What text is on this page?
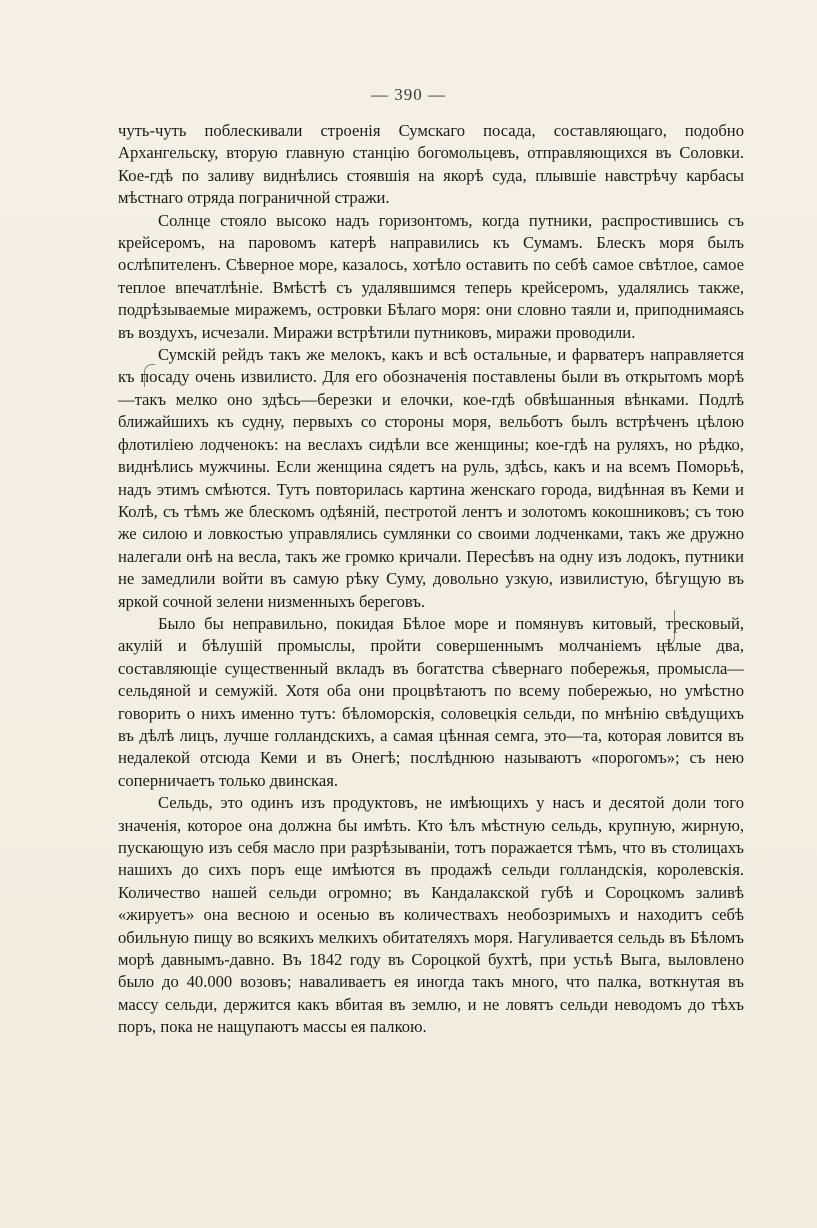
— 390 —

чуть-чуть поблескивали строенія Сумскаго посада, составляющаго, подобно Архангельску, вторую главную станцію богомольцевъ, отправляющихся въ Соловки. Кое-гдѣ по заливу виднѣлись стоявшія на якорѣ суда, плывшіе навстрѣчу карбасы мѣстнаго отряда пограничной стражи.

Солнце стояло высоко надъ горизонтомъ, когда путники, распростившись съ крейсеромъ, на паровомъ катерѣ направились къ Сумамъ. Блескъ моря былъ ослѣпителенъ. Сѣверное море, казалось, хотѣло оставить по себѣ самое свѣтлое, самое теплое впечатлѣніе. Вмѣстѣ съ удалявшимся теперь крейсеромъ, удалялись также, подрѣзываемые миражемъ, островки Бѣлаго моря: они словно таяли и, приподнимаясь въ воздухъ, исчезали. Миражи встрѣтили путниковъ, миражи проводили.

Сумскій рейдъ такъ же мелокъ, какъ и всѣ остальные, и фарватеръ направляется къ посаду очень извилисто. Для его обозначенія поставлены были въ открытомъ морѣ—такъ мелко оно здѣсь—березки и елочки, кое-гдѣ обвѣшанныя вѣнками. Подлѣ ближайшихъ къ судну, первыхъ со стороны моря, вельботъ былъ встрѣченъ цѣлою флотиліею лодченокъ: на веслахъ сидѣли все женщины; кое-гдѣ на руляхъ, но рѣдко, виднѣлись мужчины. Если женщина сядетъ на руль, здѣсь, какъ и на всемъ Поморьѣ, надъ этимъ смѣются. Тутъ повторилась картина женскаго города, видѣнная въ Кеми и Колѣ, съ тѣмъ же блескомъ одѣяній, пестротой лентъ и золотомъ кокошниковъ; съ тою же силою и ловкостью управлялись сумлянки со своими лодченками, такъ же дружно налегали онѣ на весла, такъ же громко кричали. Пересѣвъ на одну изъ лодокъ, путники не замедлили войти въ самую рѣку Суму, довольно узкую, извилистую, бѣгущую въ яркой сочной зелени низменныхъ береговъ.

Было бы неправильно, покидая Бѣлое море и помянувъ китовый, тресковый, акулій и бѣлушій промыслы, пройти совершеннымъ молчаніемъ цѣлые два, составляющіе существенный вкладъ въ богатства сѣвернаго побережья, промысла—сельдяной и семужій. Хотя оба они процвѣтаютъ по всему побережью, но умѣстно говорить о нихъ именно тутъ: бѣломорскія, соловецкія сельди, по мнѣнію свѣдущихъ въ дѣлѣ лицъ, лучше голландскихъ, а самая цѣнная семга, это—та, которая ловится въ недалекой отсюда Кеми и въ Онегѣ; послѣднюю называютъ «порогомъ»; съ нею соперничаетъ только двинская.

Сельдь, это одинъ изъ продуктовъ, не имѣющихъ у насъ и десятой доли того значенія, которое она должна бы имѣть. Кто ѣлъ мѣстную сельдь, крупную, жирную, пускающую изъ себя масло при разрѣзываніи, тотъ поражается тѣмъ, что въ столицахъ нашихъ до сихъ поръ еще имѣются въ продажѣ сельди голландскія, королевскія. Количество нашей сельди огромно; въ Кандалакской губѣ и Сороцкомъ заливѣ «жируетъ» она весною и осенью въ количествахъ необозримыхъ и находитъ себѣ обильную пищу во всякихъ мелкихъ обитателяхъ моря. Нагуливается сельдь въ Бѣломъ морѣ давнымъ-давно. Въ 1842 году въ Сороцкой бухтѣ, при устьѣ Выга, выловлено было до 40.000 возовъ; наваливаетъ ея иногда такъ много, что палка, воткнутая въ массу сельди, держится какъ вбитая въ землю, и не ловятъ сельди неводомъ до тѣхъ поръ, пока не нащупаютъ массы ея палкою.
